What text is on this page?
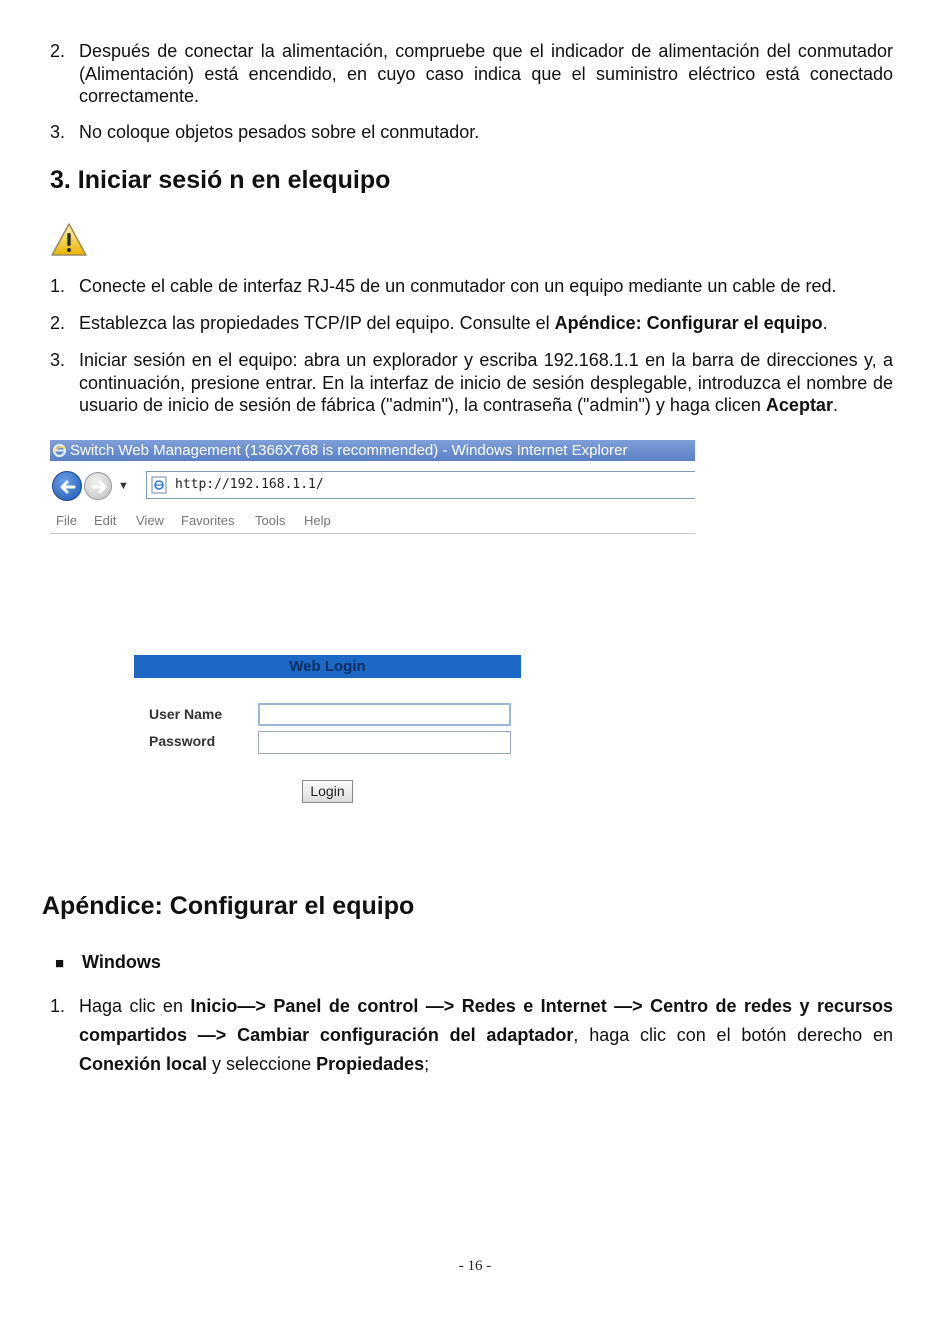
2. Después de conectar la alimentación, compruebe que el indicador de alimentación del conmutador (Alimentación) está encendido, en cuyo caso indica que el suministro eléctrico está conectado correctamente.
3. No coloque objetos pesados sobre el conmutador.
3. Iniciar sesió n en elequipo
1. Conecte el cable de interfaz RJ-45 de un conmutador con un equipo mediante un cable de red.
2. Establezca las propiedades TCP/IP del equipo. Consulte el Apéndice: Configurar el equipo.
3. Iniciar sesión en el equipo: abra un explorador y escriba 192.168.1.1 en la barra de direcciones y, a continuación, presione entrar. En la interfaz de inicio de sesión desplegable, introduzca el nombre de usuario de inicio de sesión de fábrica ("admin"), la contraseña ("admin") y haga clicen Aceptar.
Switch Web Management (1366X768 is recommended) - Windows Internet Explorer
▼	http://192.168.1.1/
File Edit View Favorites Tools Help
Web Login
User Name
Password
Login
Apéndice: Configurar el equipo
■ Windows
1. Haga clic en Inicio—> Panel de control —> Redes e Internet —> Centro de redes y recursos compartidos —> Cambiar configuración del adaptador, haga clic con el botón derecho en Conexión local y seleccione Propiedades;
- 16 -
